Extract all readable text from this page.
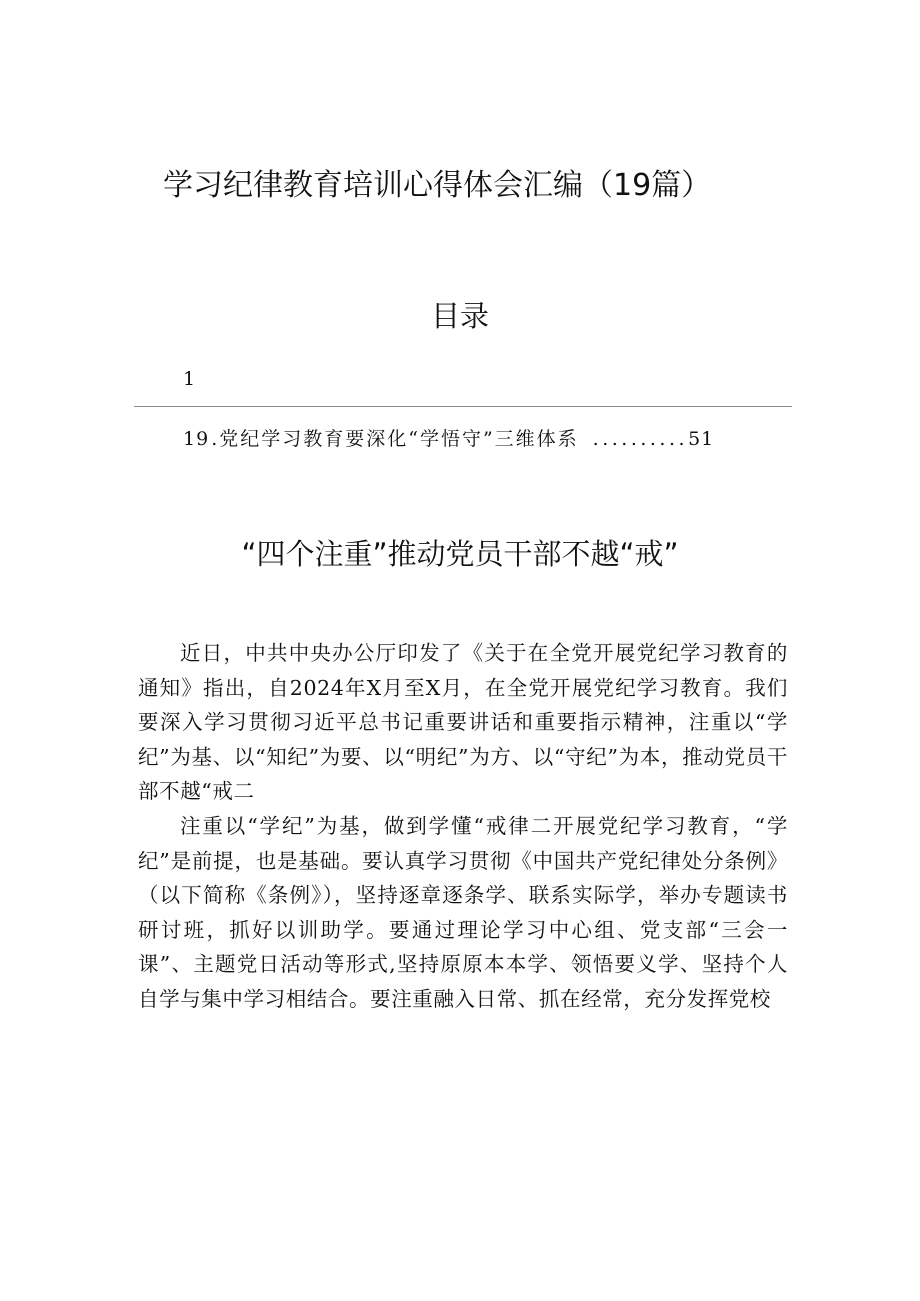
学习纪律教育培训心得体会汇编（19篇）
目录
1
19 .党纪学习教育要深化“学悟守”三维体系 .......... 51
“四个注重”推动党员干部不越“戒”

近日，中共中央办公厅印发了《关于在全党开展党纪学习教育的通知》指出，自2024年X月至X月，在全党开展党纪学习教育。我们要深入学习贯彻习近平总书记重要讲话和重要指示精神，注重以“学纪”为基、以“知纪”为要、以“明纪”为方、以“守纪”为本，推动党员干部不越“戒二

注重以“学纪”为基，做到学懂“戒律二开展党纪学习教育，“学纪”是前提，也是基础。要认真学习贯彻《中国共产党纪律处分条例》（以下简称《条例》），坚持逐章逐条学、联系实际学，举办专题读书研讨班，抓好以训助学。要通过理论学习中心组、党支部“三会一课”、主题党日活动等形式,坚持原原本本学、领悟要义学、坚持个人自学与集中学习相结合。要注重融入日常、抓在经常，充分发挥党校
